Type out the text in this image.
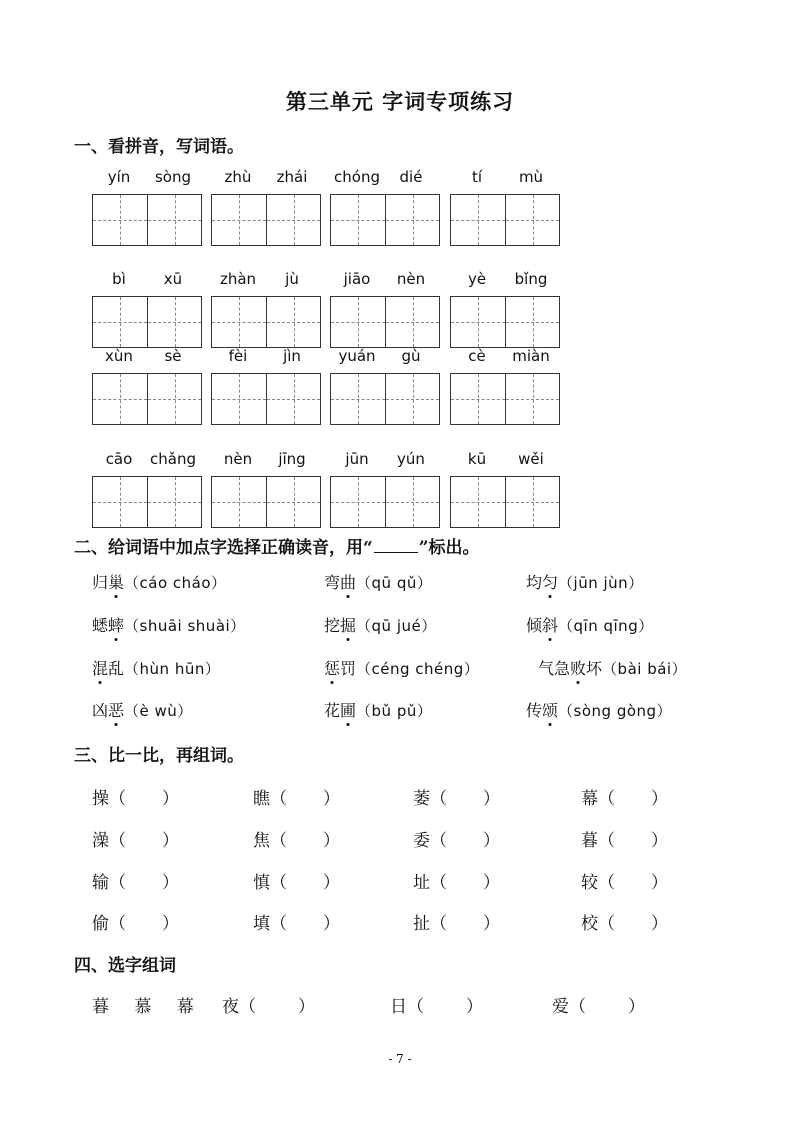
第三单元 字词专项练习
一、看拼音，写词语。
yín	sòng	zhù	zhái	chóng	dié	tí	mù
bì	xū	zhàn	jù	jiāo	nèn	yè	bǐng
xùn	sè	fèi	jìn	yuán	gù	cè	miàn
cāo	chǎng	nèn	jīng	jūn	yún	kū	wěi
二、给词语中加点字选择正确读音，用“	”标出。
归巢（cáo cháo）	弯曲（qū qǔ）	均匀（jūn jùn）
蟋蟀（shuāi shuài）	挖掘（qū jué）	倾斜（qīn qīng）
混乱（hùn hūn）	惩罚（céng chéng）	气急败坏（bài bái）
凶恶（è wù）	花圃（bǔ pǔ）	传颂（sòng gòng）
三、比一比，再组词。
操 （ ）	瞧 （ ）	萎 （ ）	幕（ ）
澡 （ ）	焦 （ ）	委 （ ）	暮（ ）
输 （ ）	慎 （ ）	址 （ ）	较（ ）
偷 （ ）	填 （ ）	扯 （ ）	校（ ）
四、选字组词
暮 慕 幕 夜 （ ）	日 （ ）	爱（ ）
- 7 -
